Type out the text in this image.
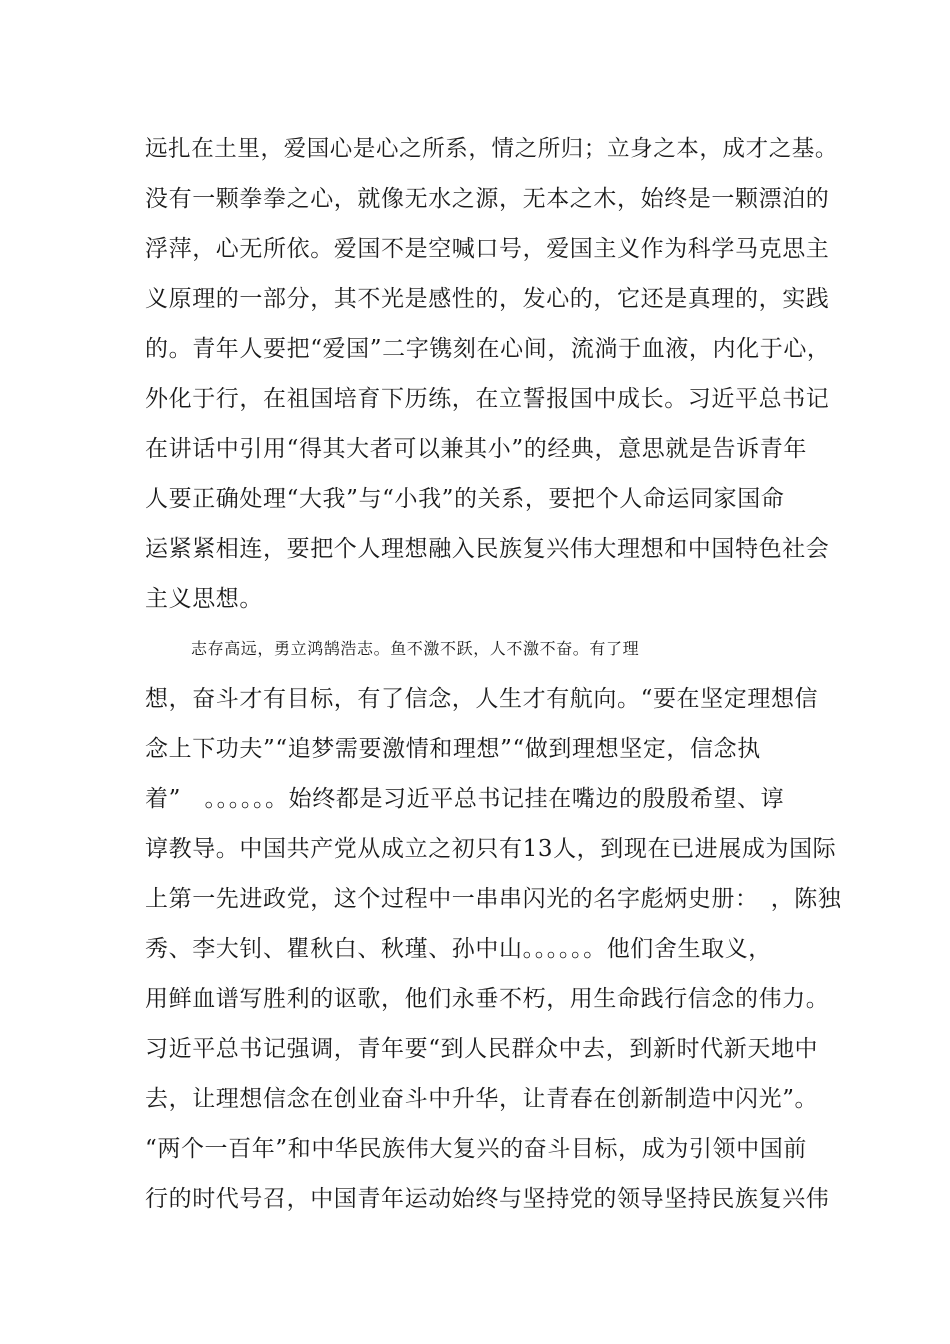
远扎在土里，爱国心是心之所系，情之所归；立身之本，成才之基。
没有一颗拳拳之心，就像无水之源，无本之木，始终是一颗漂泊的
浮萍，心无所依。爱国不是空喊口号，爱国主义作为科学马克思主
义原理的一部分，其不光是感性的，发心的，它还是真理的，实践
的。青年人要把“爱国”二字镌刻在心间，流淌于血液，内化于心，
外化于行，在祖国培育下历练，在立誓报国中成长。习近平总书记
在讲话中引用“得其大者可以兼其小”的经典，意思就是告诉青年
人要正确处理“大我”与“小我”的关系，要把个人命运同家国命
运紧紧相连，要把个人理想融入民族复兴伟大理想和中国特色社会
主义思想。
志存高远，勇立鸿鹄浩志。鱼不激不跃，人不激不奋。有了理
想，奋斗才有目标，有了信念，人生才有航向。“要在坚定理想信
念上下功夫”“追梦需要激情和理想”“做到理想坚定，信念执
着”　。。。。。。始终都是习近平总书记挂在嘴边的殷殷希望、谆
谆教导。中国共产党从成立之初只有13人，到现在已进展成为国际
上第一先进政党，这个过程中一串串闪光的名字彪炳史册：　，陈独
秀、李大钊、瞿秋白、秋瑾、孙中山。。。。。。他们舍生取义，
用鲜血谱写胜利的讴歌，他们永垂不朽，用生命践行信念的伟力。
习近平总书记强调，青年要“到人民群众中去，到新时代新天地中
去，让理想信念在创业奋斗中升华，让青春在创新制造中闪光”。
“两个一百年”和中华民族伟大复兴的奋斗目标，成为引领中国前
行的时代号召，中国青年运动始终与坚持党的领导坚持民族复兴伟
